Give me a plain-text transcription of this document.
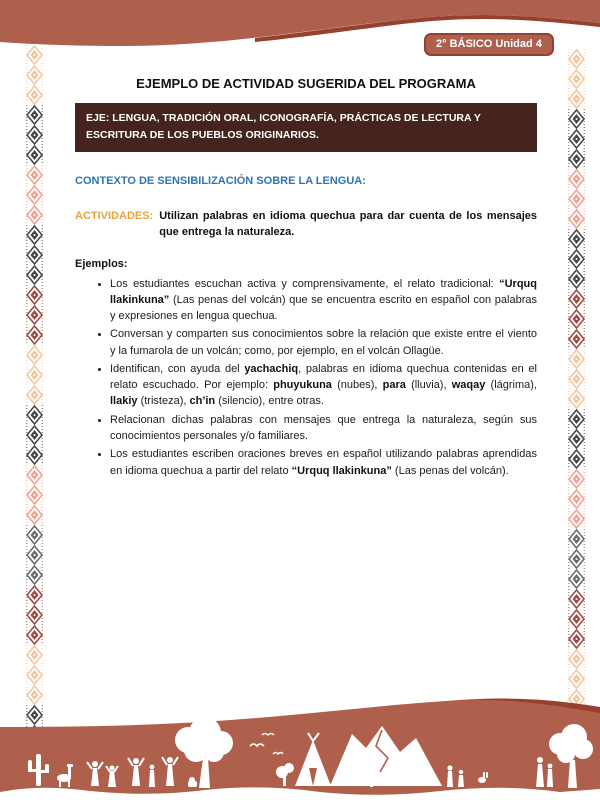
2° BÁSICO Unidad 4
EJEMPLO DE ACTIVIDAD SUGERIDA DEL PROGRAMA
EJE: LENGUA, TRADICIÓN ORAL, ICONOGRAFÍA, PRÁCTICAS DE LECTURA Y ESCRITURA DE LOS PUEBLOS ORIGINARIOS.
CONTEXTO DE SENSIBILIZACIÓN SOBRE LA LENGUA:
ACTIVIDADES: Utilizan palabras en idioma quechua para dar cuenta de los mensajes que entrega la naturaleza.
Ejemplos:
• Los estudiantes escuchan activa y comprensivamente, el relato tradicional: “Urquq llakinkuna” (Las penas del volcán) que se encuentra escrito en español con palabras y expresiones en lengua quechua.
• Conversan y comparten sus conocimientos sobre la relación que existe entre el viento y la fumarola de un volcán; como, por ejemplo, en el volcán Ollagüe.
• Identifican, con ayuda del yachachiq, palabras en idioma quechua contenidas en el relato escuchado. Por ejemplo: phuyukuna (nubes), para (lluvia), waqay (lágrima), llakiy (tristeza), ch’in (silencio), entre otras.
• Relacionan dichas palabras con mensajes que entrega la naturaleza, según sus conocimientos personales y/o familiares.
• Los estudiantes escriben oraciones breves en español utilizando palabras aprendidas en idioma quechua a partir del relato “Urquq llakinkuna” (Las penas del volcán).
